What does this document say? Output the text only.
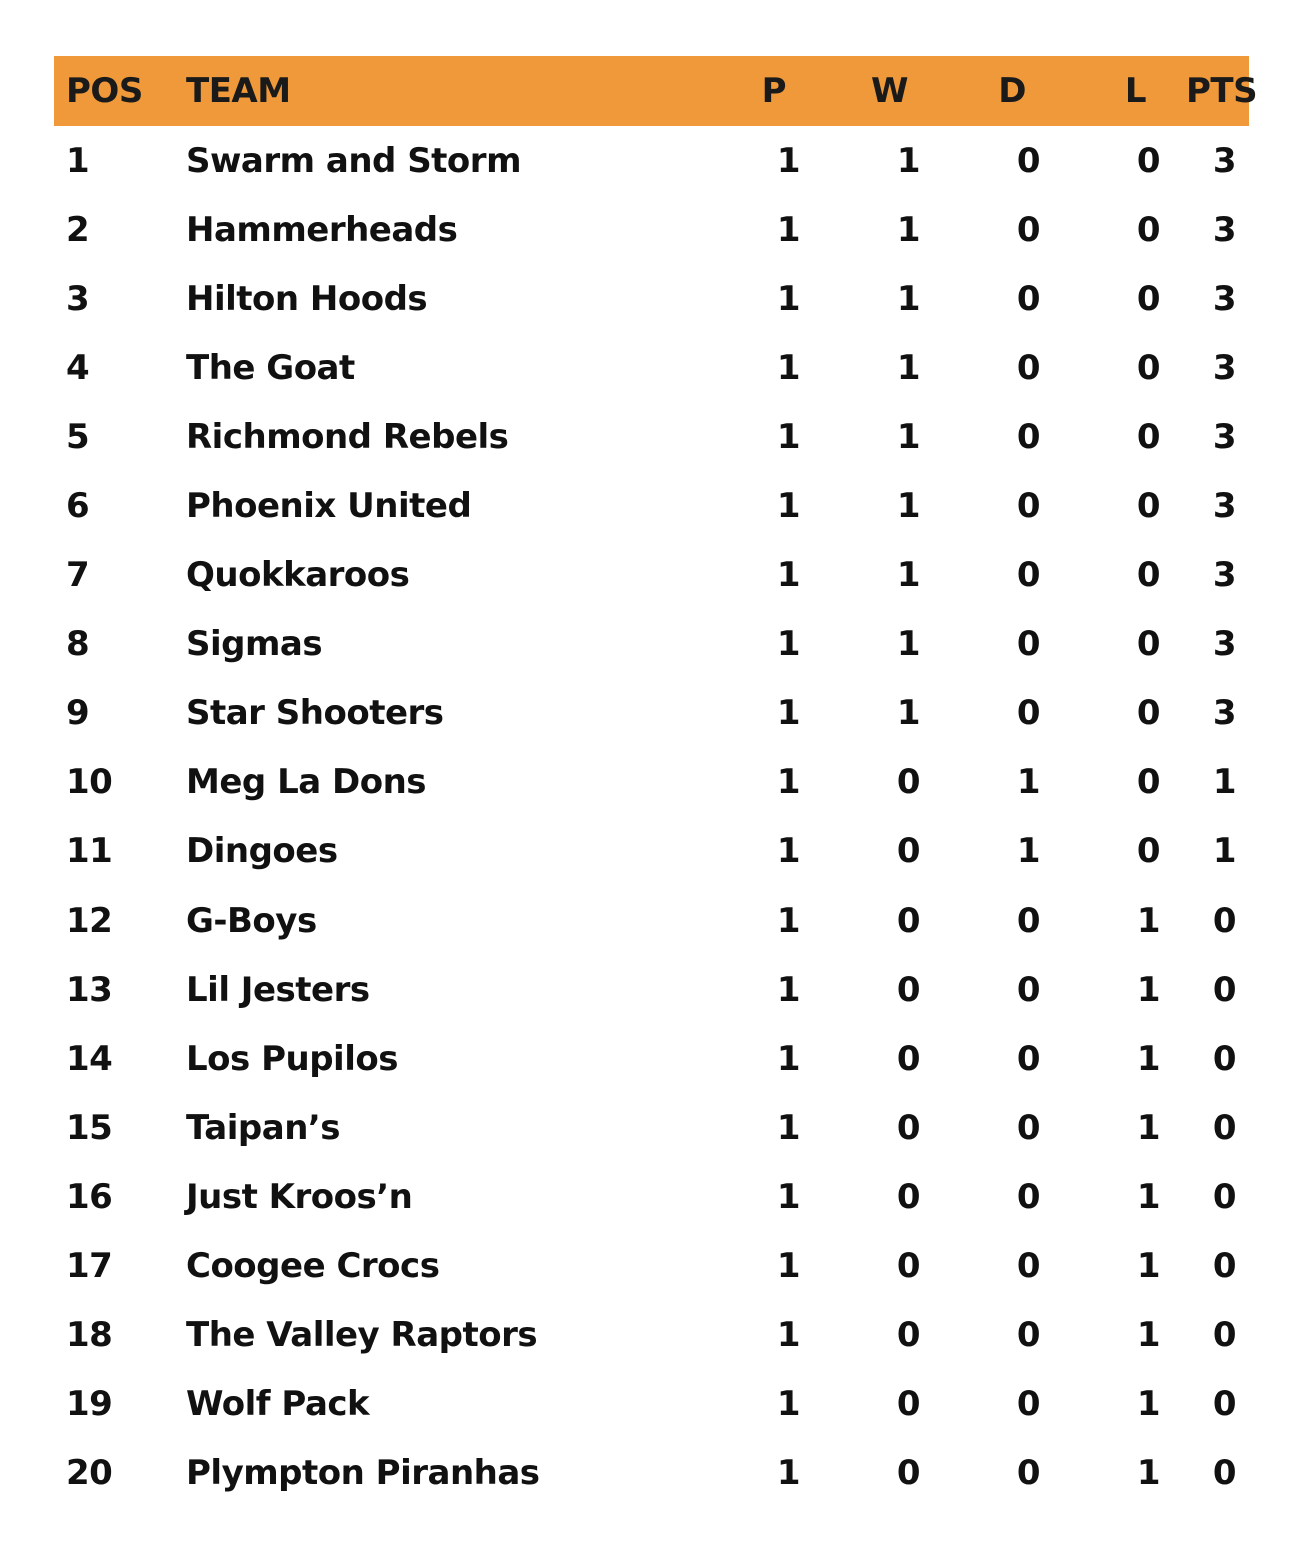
POS	TEAM	P	W	D	L	PTS
1	Swarm and Storm	1	1	0	0	3
2	Hammerheads	1	1	0	0	3
3	Hilton Hoods	1	1	0	0	3
4	The Goat	1	1	0	0	3
5	Richmond Rebels	1	1	0	0	3
6	Phoenix United	1	1	0	0	3
7	Quokkaroos	1	1	0	0	3
8	Sigmas	1	1	0	0	3
9	Star Shooters	1	1	0	0	3
10	Meg La Dons	1	0	1	0	1
11	Dingoes	1	0	1	0	1
12	G-Boys	1	0	0	1	0
13	Lil Jesters	1	0	0	1	0
14	Los Pupilos	1	0	0	1	0
15	Taipan’s	1	0	0	1	0
16	Just Kroos’n	1	0	0	1	0
17	Coogee Crocs	1	0	0	1	0
18	The Valley Raptors	1	0	0	1	0
19	Wolf Pack	1	0	0	1	0
20	Plympton Piranhas	1	0	0	1	0
